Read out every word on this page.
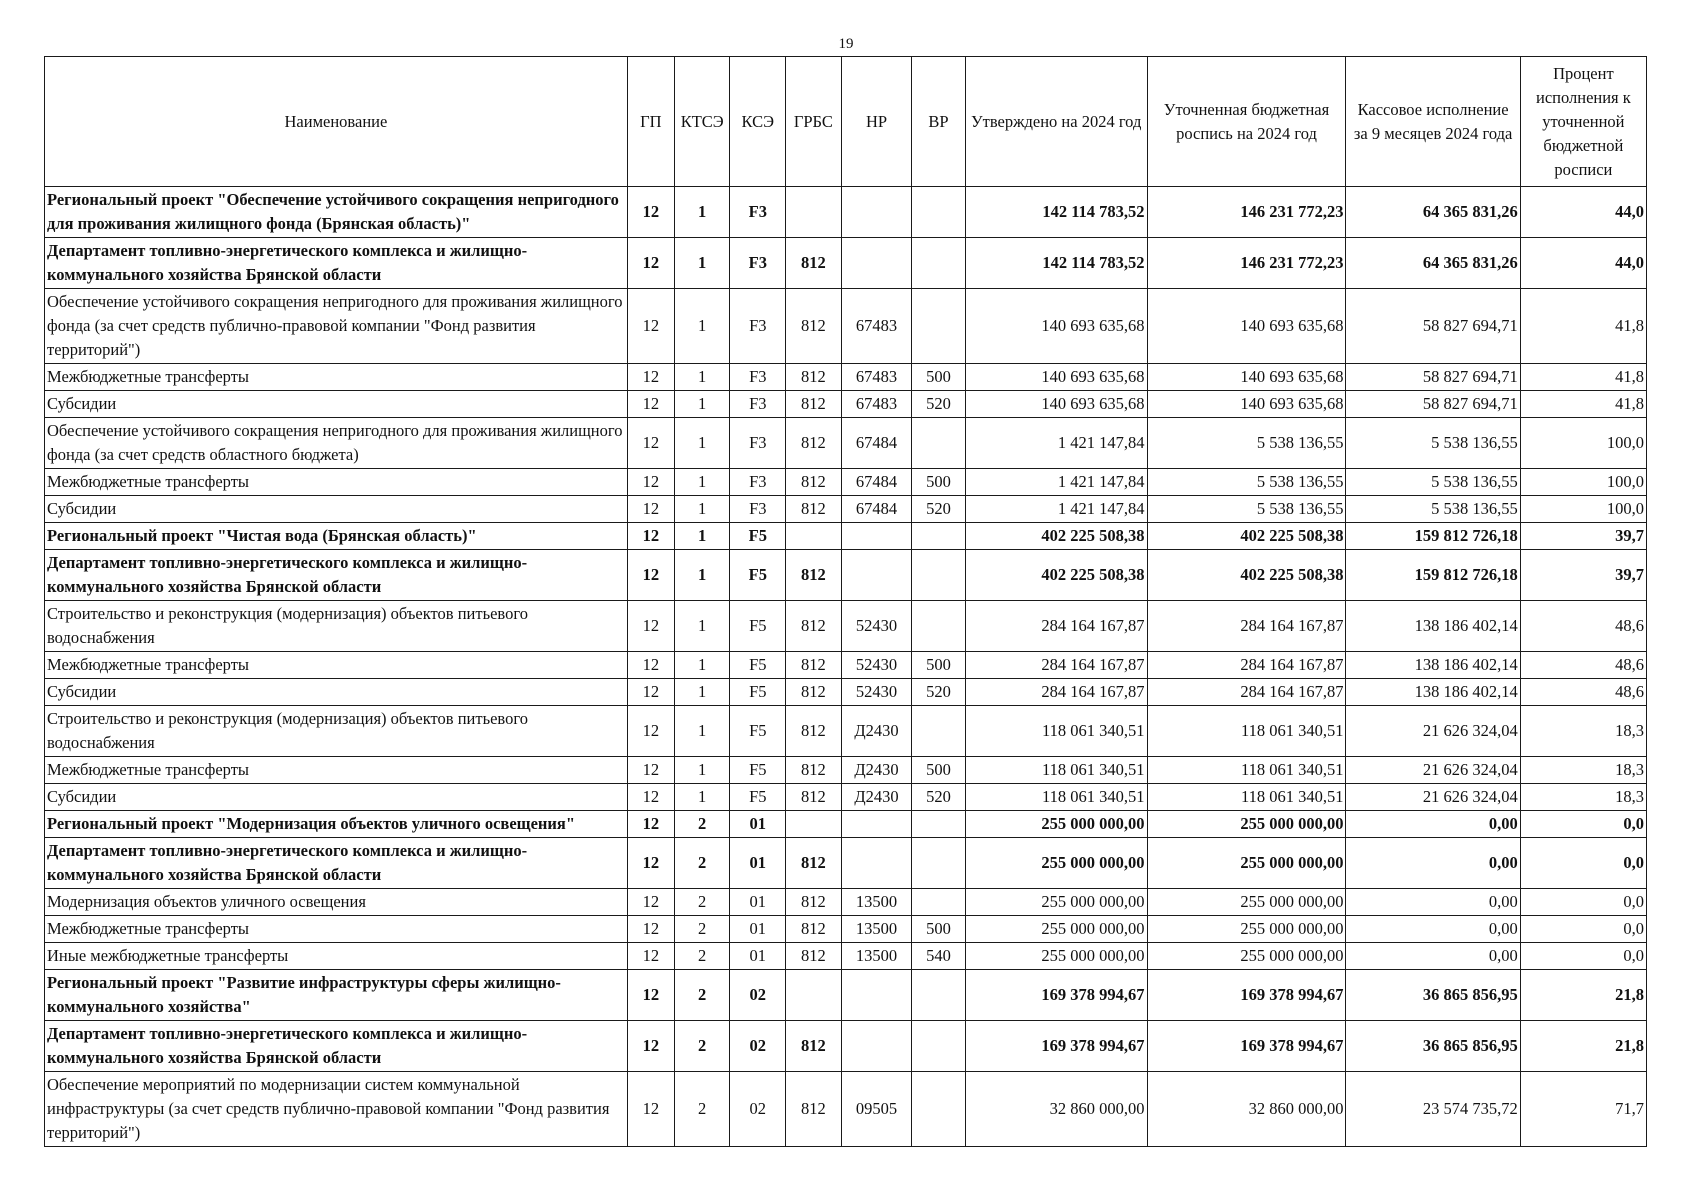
19
Наименование	ГП	КТСЭ	КСЭ	ГРБС	НР	ВР	Утверждено на 2024 год	Уточненная бюджетная роспись на 2024 год	Кассовое исполнение за 9 месяцев 2024 года	Процент исполнения к уточненной бюджетной росписи
Региональный проект "Обеспечение устойчивого сокращения непригодного для проживания жилищного фонда (Брянская область)"	12	1	F3				142 114 783,52	146 231 772,23	64 365 831,26	44,0
Департамент топливно-энергетического комплекса и жилищно-коммунального хозяйства Брянской области	12	1	F3	812			142 114 783,52	146 231 772,23	64 365 831,26	44,0
Обеспечение устойчивого сокращения непригодного для проживания жилищного фонда (за счет средств публично-правовой компании "Фонд развития территорий")	12	1	F3	812	67483		140 693 635,68	140 693 635,68	58 827 694,71	41,8
Межбюджетные трансферты	12	1	F3	812	67483	500	140 693 635,68	140 693 635,68	58 827 694,71	41,8
Субсидии	12	1	F3	812	67483	520	140 693 635,68	140 693 635,68	58 827 694,71	41,8
Обеспечение устойчивого сокращения непригодного для проживания жилищного фонда (за счет средств областного бюджета)	12	1	F3	812	67484		1 421 147,84	5 538 136,55	5 538 136,55	100,0
Межбюджетные трансферты	12	1	F3	812	67484	500	1 421 147,84	5 538 136,55	5 538 136,55	100,0
Субсидии	12	1	F3	812	67484	520	1 421 147,84	5 538 136,55	5 538 136,55	100,0
Региональный проект "Чистая вода (Брянская область)"	12	1	F5				402 225 508,38	402 225 508,38	159 812 726,18	39,7
Департамент топливно-энергетического комплекса и жилищно-коммунального хозяйства Брянской области	12	1	F5	812			402 225 508,38	402 225 508,38	159 812 726,18	39,7
Строительство и реконструкция (модернизация) объектов питьевого водоснабжения	12	1	F5	812	52430		284 164 167,87	284 164 167,87	138 186 402,14	48,6
Межбюджетные трансферты	12	1	F5	812	52430	500	284 164 167,87	284 164 167,87	138 186 402,14	48,6
Субсидии	12	1	F5	812	52430	520	284 164 167,87	284 164 167,87	138 186 402,14	48,6
Строительство и реконструкция (модернизация) объектов питьевого водоснабжения	12	1	F5	812	Д2430		118 061 340,51	118 061 340,51	21 626 324,04	18,3
Межбюджетные трансферты	12	1	F5	812	Д2430	500	118 061 340,51	118 061 340,51	21 626 324,04	18,3
Субсидии	12	1	F5	812	Д2430	520	118 061 340,51	118 061 340,51	21 626 324,04	18,3
Региональный проект "Модернизация объектов уличного освещения"	12	2	01				255 000 000,00	255 000 000,00	0,00	0,0
Департамент топливно-энергетического комплекса и жилищно-коммунального хозяйства Брянской области	12	2	01	812			255 000 000,00	255 000 000,00	0,00	0,0
Модернизация объектов уличного освещения	12	2	01	812	13500		255 000 000,00	255 000 000,00	0,00	0,0
Межбюджетные трансферты	12	2	01	812	13500	500	255 000 000,00	255 000 000,00	0,00	0,0
Иные межбюджетные трансферты	12	2	01	812	13500	540	255 000 000,00	255 000 000,00	0,00	0,0
Региональный проект "Развитие инфраструктуры сферы жилищно-коммунального хозяйства"	12	2	02				169 378 994,67	169 378 994,67	36 865 856,95	21,8
Департамент топливно-энергетического комплекса и жилищно-коммунального хозяйства Брянской области	12	2	02	812			169 378 994,67	169 378 994,67	36 865 856,95	21,8
Обеспечение мероприятий по модернизации систем коммунальной инфраструктуры (за счет средств публично-правовой компании "Фонд развития территорий")	12	2	02	812	09505		32 860 000,00	32 860 000,00	23 574 735,72	71,7
